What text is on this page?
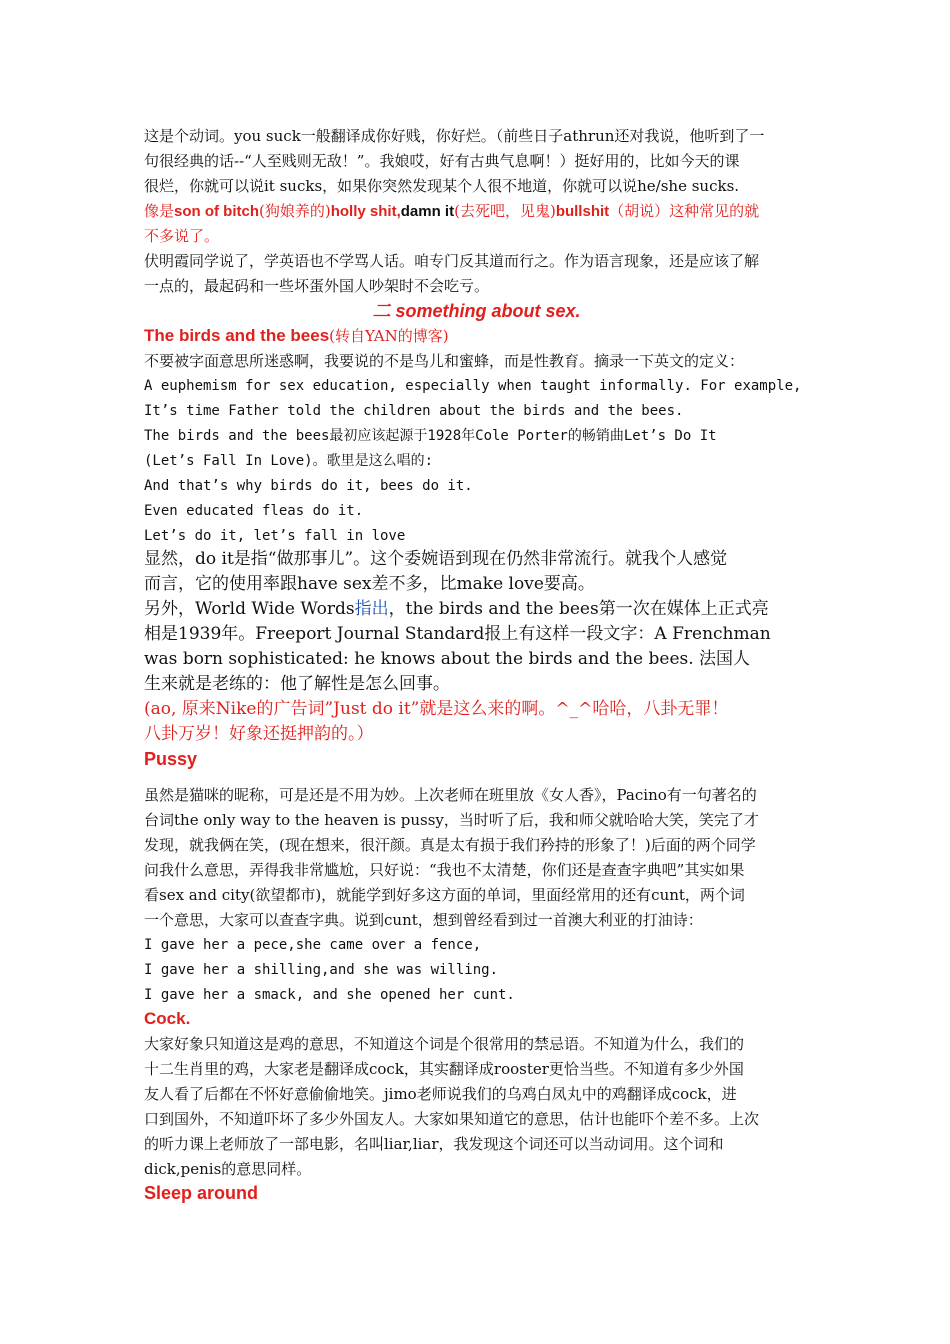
这是个动词。you suck一般翻译成你好贱，你好烂。（前些日子athrun还对我说，他听到了一
句很经典的话--“人至贱则无敌！”。我娘哎，好有古典气息啊！）挺好用的，比如今天的课
很烂，你就可以说it sucks，如果你突然发现某个人很不地道，你就可以说he/she sucks.
像是son of bitch(狗娘养的)holly shit,damn it(去死吧，见鬼)bullshit（胡说）这种常见的就
不多说了。
伏明霞同学说了，学英语也不学骂人话。咱专门反其道而行之。作为语言现象，还是应该了解
一点的，最起码和一些坏蛋外国人吵架时不会吃亏。
二 something about sex.
The birds and the bees(转自YAN的博客)
不要被字面意思所迷惑啊，我要说的不是鸟儿和蜜蜂，而是性教育。摘录一下英文的定义：
A euphemism for sex education, especially when taught informally. For example,
It’s time Father told the children about the birds and the bees.
The birds and the bees最初应该起源于1928年Cole Porter的畅销曲Let’s Do It
(Let’s Fall In Love)。歌里是这么唱的:
And that’s why birds do it, bees do it.
Even educated fleas do it.
Let’s do it, let’s fall in love
显然，do it是指“做那事儿”。这个委婉语到现在仍然非常流行。就我个人感觉
而言，它的使用率跟have sex差不多，比make love要高。
另外，World Wide Words指出，the birds and the bees第一次在媒体上正式亮
相是1939年。Freeport Journal Standard报上有这样一段文字：A Frenchman
was born sophisticated: he knows about the birds and the bees. 法国人
生来就是老练的：他了解性是怎么回事。
(ao, 原来Nike的广告词”Just do it”就是这么来的啊。^_^哈哈，八卦无罪！
八卦万岁！好象还挺押韵的。）
Pussy
虽然是猫咪的昵称，可是还是不用为妙。上次老师在班里放《女人香》，Pacino有一句著名的
台词the only way to the heaven is pussy，当时听了后，我和师父就哈哈大笑，笑完了才
发现，就我俩在笑，(现在想来，很汗颜。真是太有损于我们矜持的形象了！)后面的两个同学
问我什么意思，弄得我非常尴尬，只好说：“我也不太清楚，你们还是查查字典吧”其实如果
看sex and city(欲望都市)，就能学到好多这方面的单词，里面经常用的还有cunt，两个词
一个意思，大家可以查查字典。说到cunt，想到曾经看到过一首澳大利亚的打油诗：
I gave her a pece,she came over a fence,
I gave her a shilling,and she was willing.
I gave her a smack, and she opened her cunt.
Cock.
大家好象只知道这是鸡的意思，不知道这个词是个很常用的禁忌语。不知道为什么，我们的
十二生肖里的鸡，大家老是翻译成cock，其实翻译成rooster更恰当些。不知道有多少外国
友人看了后都在不怀好意偷偷地笑。jimo老师说我们的乌鸡白凤丸中的鸡翻译成cock，进
口到国外，不知道吓坏了多少外国友人。大家如果知道它的意思，估计也能吓个差不多。上次
的听力课上老师放了一部电影，名叫liar,liar，我发现这个词还可以当动词用。这个词和
dick,penis的意思同样。
Sleep around
